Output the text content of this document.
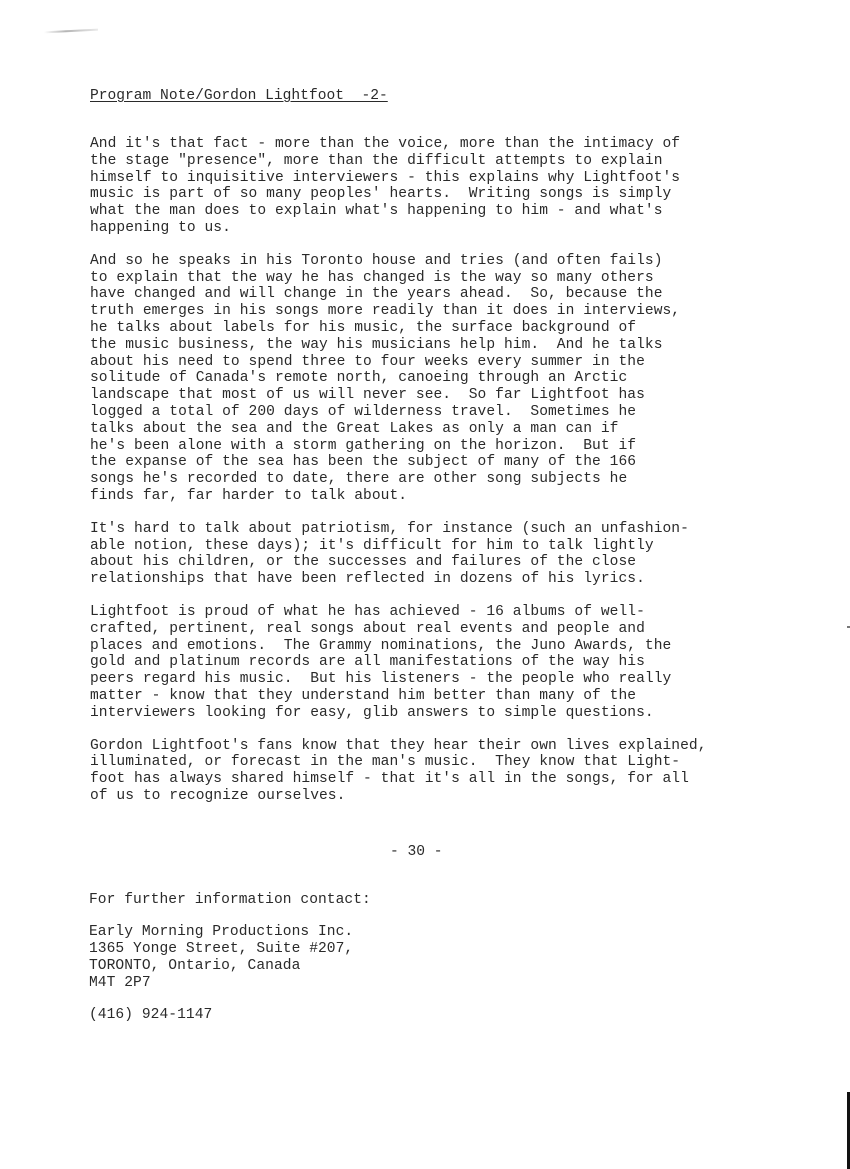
Program Note/Gordon Lightfoot  -2-
And it's that fact - more than the voice, more than the intimacy of
the stage "presence", more than the difficult attempts to explain
himself to inquisitive interviewers - this explains why Lightfoot's
music is part of so many peoples' hearts.  Writing songs is simply
what the man does to explain what's happening to him - and what's
happening to us.
And so he speaks in his Toronto house and tries (and often fails)
to explain that the way he has changed is the way so many others
have changed and will change in the years ahead.  So, because the
truth emerges in his songs more readily than it does in interviews,
he talks about labels for his music, the surface background of
the music business, the way his musicians help him.  And he talks
about his need to spend three to four weeks every summer in the
solitude of Canada's remote north, canoeing through an Arctic
landscape that most of us will never see.  So far Lightfoot has
logged a total of 200 days of wilderness travel.  Sometimes he
talks about the sea and the Great Lakes as only a man can if
he's been alone with a storm gathering on the horizon.  But if
the expanse of the sea has been the subject of many of the 166
songs he's recorded to date, there are other song subjects he
finds far, far harder to talk about.
It's hard to talk about patriotism, for instance (such an unfashion-
able notion, these days); it's difficult for him to talk lightly
about his children, or the successes and failures of the close
relationships that have been reflected in dozens of his lyrics.
Lightfoot is proud of what he has achieved - 16 albums of well-
crafted, pertinent, real songs about real events and people and
places and emotions.  The Grammy nominations, the Juno Awards, the
gold and platinum records are all manifestations of the way his
peers regard his music.  But his listeners - the people who really
matter - know that they understand him better than many of the
interviewers looking for easy, glib answers to simple questions.
Gordon Lightfoot's fans know that they hear their own lives explained,
illuminated, or forecast in the man's music.  They know that Light-
foot has always shared himself - that it's all in the songs, for all
of us to recognize ourselves.
- 30 -
For further information contact:
Early Morning Productions Inc.
1365 Yonge Street, Suite #207,
TORONTO, Ontario, Canada
M4T 2P7
(416) 924-1147
